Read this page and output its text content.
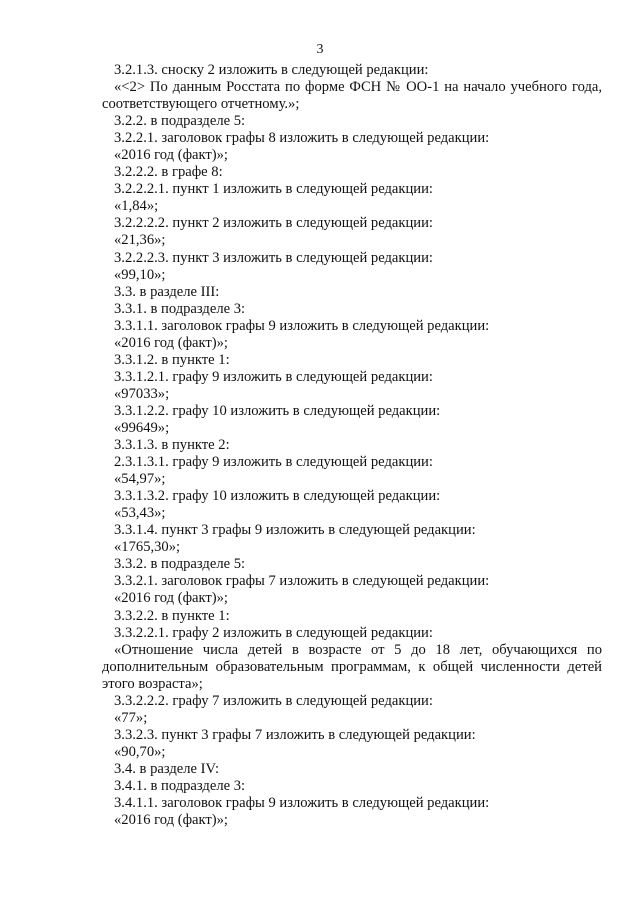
3
3.2.1.3. сноску 2 изложить в следующей редакции:
«<2> По данным Росстата по форме ФСН № ОО-1 на начало учебного года, соответствующего отчетному.»;
3.2.2. в подразделе 5:
3.2.2.1. заголовок графы 8 изложить в следующей редакции:
«2016 год (факт)»;
3.2.2.2. в графе 8:
3.2.2.2.1. пункт 1 изложить в следующей редакции:
«1,84»;
3.2.2.2.2. пункт 2 изложить в следующей редакции:
«21,36»;
3.2.2.2.3. пункт 3 изложить в следующей редакции:
«99,10»;
3.3. в разделе III:
3.3.1. в подразделе 3:
3.3.1.1. заголовок графы 9 изложить в следующей редакции:
«2016 год (факт)»;
3.3.1.2. в пункте 1:
3.3.1.2.1. графу 9 изложить в следующей редакции:
«97033»;
3.3.1.2.2. графу 10 изложить в следующей редакции:
«99649»;
3.3.1.3. в пункте 2:
2.3.1.3.1. графу 9 изложить в следующей редакции:
«54,97»;
3.3.1.3.2. графу 10 изложить в следующей редакции:
«53,43»;
3.3.1.4. пункт 3 графы 9 изложить в следующей редакции:
«1765,30»;
3.3.2. в подразделе 5:
3.3.2.1. заголовок графы 7 изложить в следующей редакции:
«2016 год (факт)»;
3.3.2.2. в пункте 1:
3.3.2.2.1. графу 2 изложить в следующей редакции:
«Отношение числа детей в возрасте от 5 до 18 лет, обучающихся по дополнительным образовательным программам, к общей численности детей этого возраста»;
3.3.2.2.2. графу 7 изложить в следующей редакции:
«77»;
3.3.2.3. пункт 3 графы 7 изложить в следующей редакции:
«90,70»;
3.4. в разделе IV:
3.4.1. в подразделе 3:
3.4.1.1. заголовок графы 9 изложить в следующей редакции:
«2016 год (факт)»;
